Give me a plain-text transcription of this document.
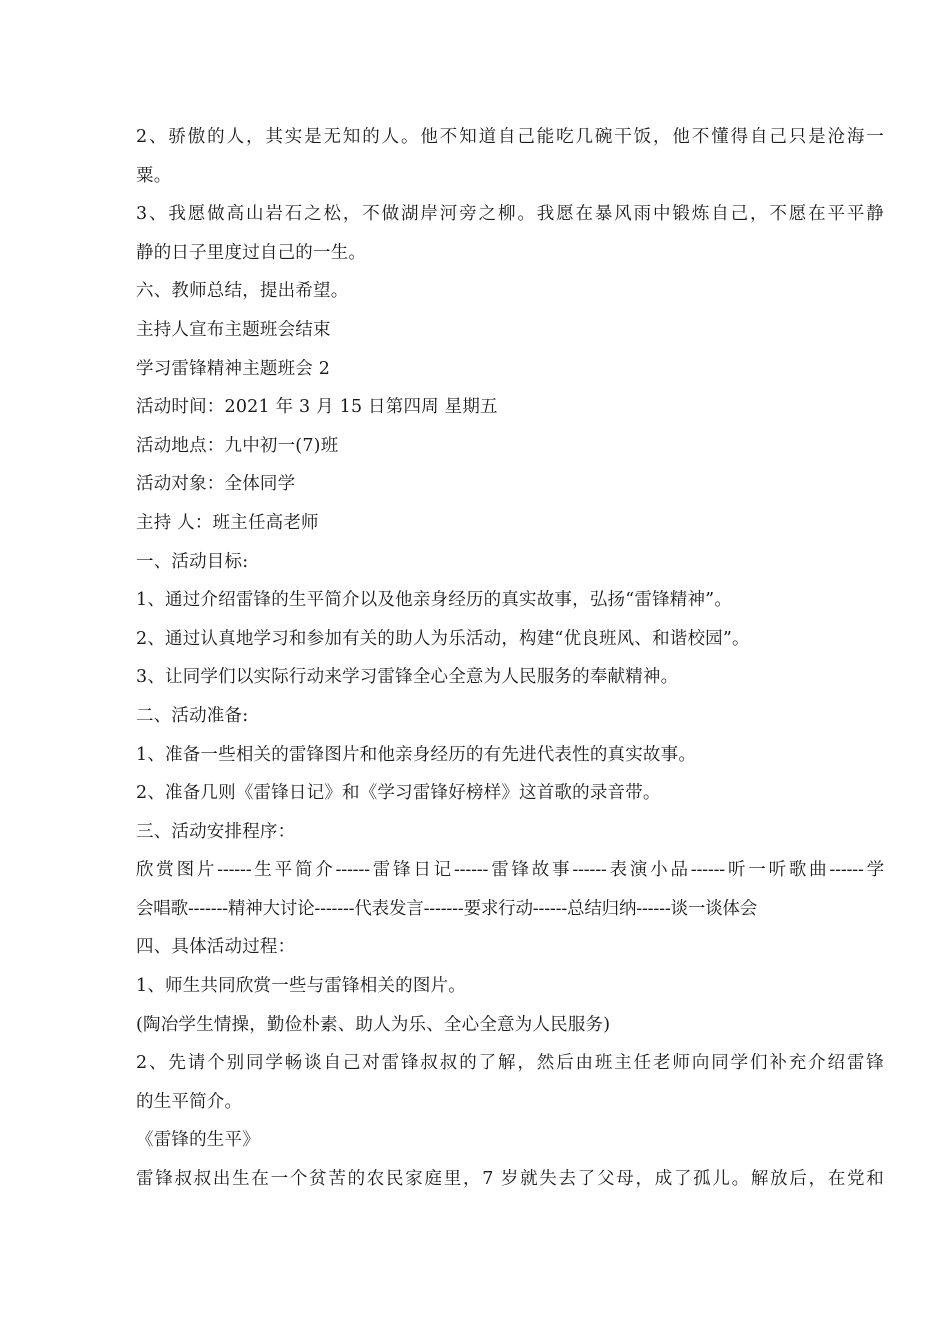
2、骄傲的人，其实是无知的人。他不知道自己能吃几碗干饭，他不懂得自己只是沧海一
粟。
3、我愿做高山岩石之松，不做湖岸河旁之柳。我愿在暴风雨中锻炼自己，不愿在平平静
静的日子里度过自己的一生。
六、教师总结，提出希望。
主持人宣布主题班会结束
学习雷锋精神主题班会 2
活动时间：2021 年 3 月 15 日第四周 星期五
活动地点：九中初一(7)班
活动对象：全体同学
主持 人：班主任高老师
一、活动目标:
1、通过介绍雷锋的生平简介以及他亲身经历的真实故事，弘扬“雷锋精神”。
2、通过认真地学习和参加有关的助人为乐活动，构建“优良班风、和谐校园”。
3、让同学们以实际行动来学习雷锋全心全意为人民服务的奉献精神。
二、活动准备:
1、准备一些相关的雷锋图片和他亲身经历的有先进代表性的真实故事。
2、准备几则《雷锋日记》和《学习雷锋好榜样》这首歌的录音带。
三、活动安排程序：
欣赏图片------生平简介------雷锋日记------雷锋故事------表演小品------听一听歌曲------学
会唱歌-------精神大讨论-------代表发言-------要求行动------总结归纳------谈一谈体会
四、具体活动过程：
1、师生共同欣赏一些与雷锋相关的图片。
(陶冶学生情操，勤俭朴素、助人为乐、全心全意为人民服务)
2、先请个别同学畅谈自己对雷锋叔叔的了解，然后由班主任老师向同学们补充介绍雷锋
的生平简介。
《雷锋的生平》
雷锋叔叔出生在一个贫苦的农民家庭里，7 岁就失去了父母，成了孤儿。解放后，在党和
